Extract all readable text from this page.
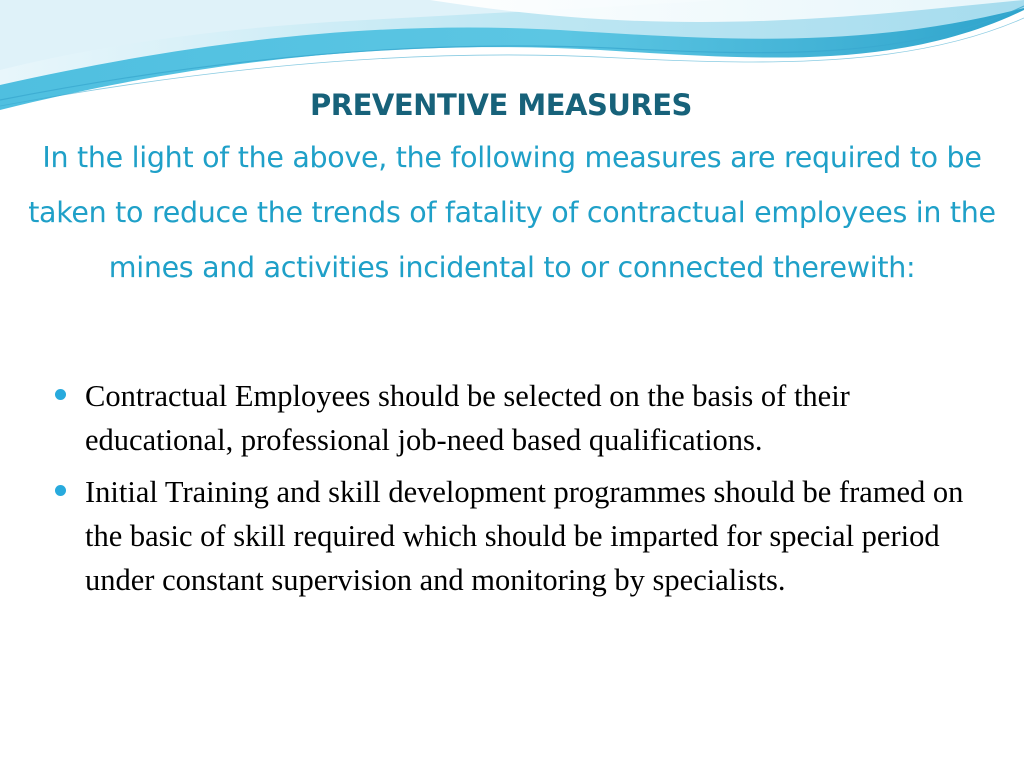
PREVENTIVE MEASURES
In the light of the above, the following measures are required to be taken to reduce the trends of fatality of contractual employees in the mines and activities incidental to or connected therewith:
Contractual Employees should be selected on the basis of their educational, professional job-need based qualifications.
Initial Training and skill development programmes should be framed on the basic of skill required which should be imparted for special period under constant supervision and monitoring by specialists.
